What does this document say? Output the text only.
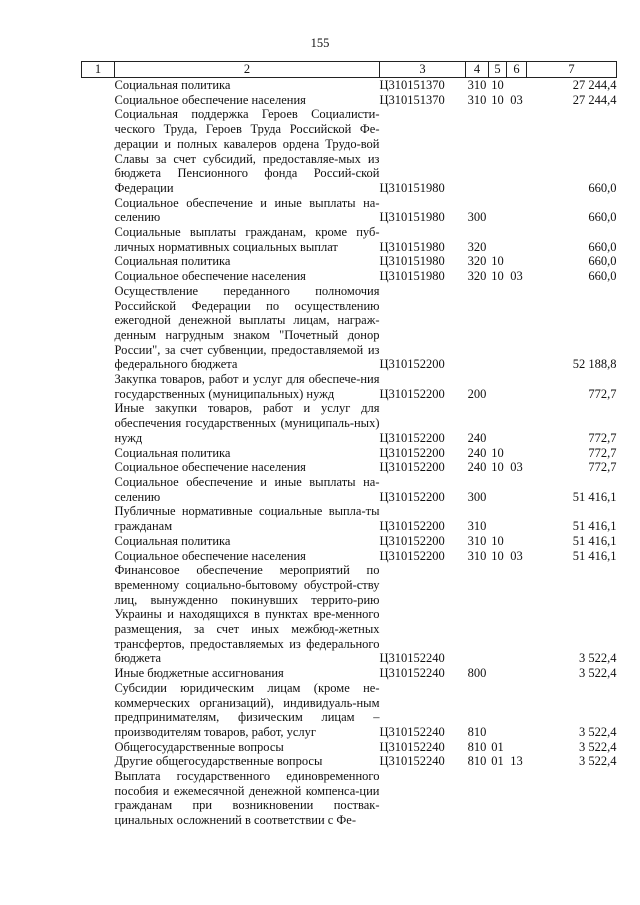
155
1	2	3	4	5	6	7
	Социальная политика	Ц310151370	310	10		27 244,4
	Социальное обеспечение населения	Ц310151370	310	10	03	27 244,4
	Социальная поддержка Героев Социалисти-ческого Труда, Героев Труда Российской Фе-дерации и полных кавалеров ордена Трудо-вой Славы за счет субсидий, предоставляе-мых из бюджета Пенсионного фонда Россий-ской Федерации	Ц310151980				660,0
	Социальное обеспечение и иные выплаты на-селению	Ц310151980	300			660,0
	Социальные выплаты гражданам, кроме пуб-личных нормативных социальных выплат	Ц310151980	320			660,0
	Социальная политика	Ц310151980	320	10		660,0
	Социальное обеспечение населения	Ц310151980	320	10	03	660,0
	Осуществление переданного полномочия Российской Федерации по осуществлению ежегодной денежной выплаты лицам, награж-денным нагрудным знаком "Почетный донор России", за счет субвенции, предоставляемой из федерального бюджета	Ц310152200				52 188,8
	Закупка товаров, работ и услуг для обеспече-ния государственных (муниципальных) нужд	Ц310152200	200			772,7
	Иные закупки товаров, работ и услуг для обеспечения государственных (муниципаль-ных) нужд	Ц310152200	240			772,7
	Социальная политика	Ц310152200	240	10		772,7
	Социальное обеспечение населения	Ц310152200	240	10	03	772,7
	Социальное обеспечение и иные выплаты на-селению	Ц310152200	300			51 416,1
	Публичные нормативные социальные выпла-ты гражданам	Ц310152200	310			51 416,1
	Социальная политика	Ц310152200	310	10		51 416,1
	Социальное обеспечение населения	Ц310152200	310	10	03	51 416,1
	Финансовое обеспечение мероприятий по временному социально-бытовому обустрой-ству лиц, вынужденно покинувших террито-рию Украины и находящихся в пунктах вре-менного размещения, за счет иных межбюд-жетных трансфертов, предоставляемых из федерального бюджета	Ц310152240				3 522,4
	Иные бюджетные ассигнования	Ц310152240	800			3 522,4
	Субсидии юридическим лицам (кроме не-коммерческих организаций), индивидуаль-ным предпринимателям, физическим лицам – производителям товаров, работ, услуг	Ц310152240	810			3 522,4
	Общегосударственные вопросы	Ц310152240	810	01		3 522,4
	Другие общегосударственные вопросы	Ц310152240	810	01	13	3 522,4
	Выплата государственного единовременного пособия и ежемесячной денежной компенса-ции гражданам при возникновении поствак-цинальных осложнений в соответствии с Фе-					
